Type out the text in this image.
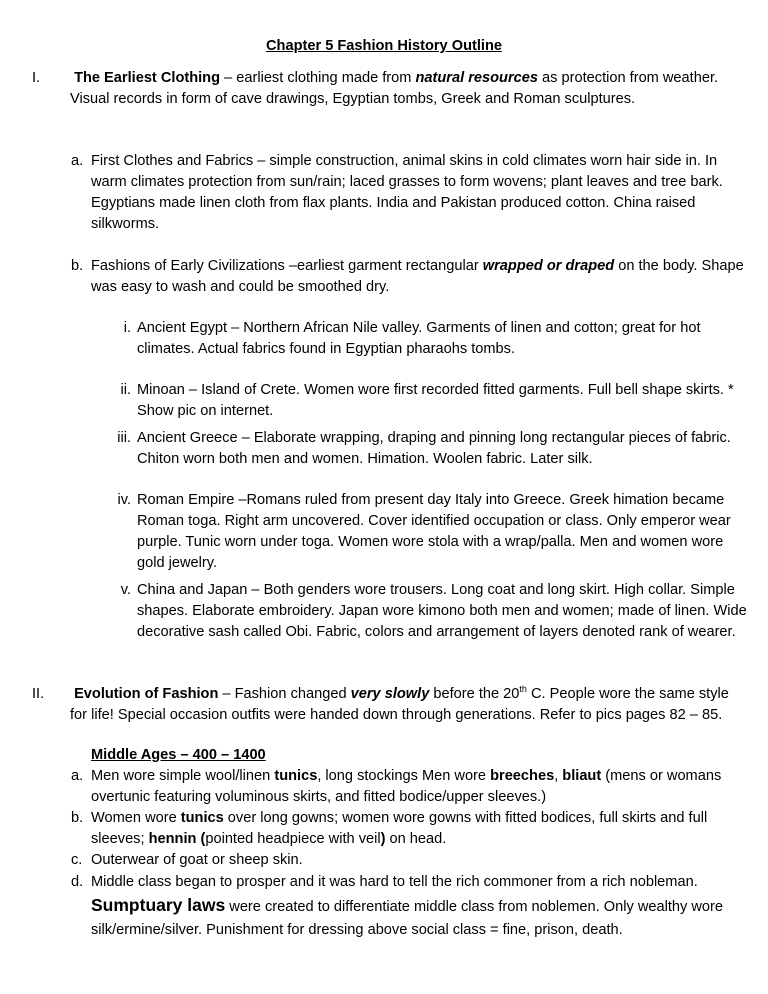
Chapter 5 Fashion History Outline
I. The Earliest Clothing – earliest clothing made from natural resources as protection from weather. Visual records in form of cave drawings, Egyptian tombs, Greek and Roman sculptures.
a. First Clothes and Fabrics – simple construction, animal skins in cold climates worn hair side in. In warm climates protection from sun/rain; laced grasses to form wovens; plant leaves and tree bark. Egyptians made linen cloth from flax plants. India and Pakistan produced cotton. China raised silkworms.
b. Fashions of Early Civilizations –earliest garment rectangular wrapped or draped on the body. Shape was easy to wash and could be smoothed dry.
i. Ancient Egypt – Northern African Nile valley. Garments of linen and cotton; great for hot climates. Actual fabrics found in Egyptian pharaohs tombs.
ii. Minoan – Island of Crete. Women wore first recorded fitted garments. Full bell shape skirts. * Show pic on internet.
iii. Ancient Greece – Elaborate wrapping, draping and pinning long rectangular pieces of fabric. Chiton worn both men and women. Himation. Woolen fabric. Later silk.
iv. Roman Empire –Romans ruled from present day Italy into Greece. Greek himation became Roman toga. Right arm uncovered. Cover identified occupation or class. Only emperor wear purple. Tunic worn under toga. Women wore stola with a wrap/palla. Men and women wore gold jewelry.
v. China and Japan – Both genders wore trousers. Long coat and long skirt. High collar. Simple shapes. Elaborate embroidery. Japan wore kimono both men and women; made of linen. Wide decorative sash called Obi. Fabric, colors and arrangement of layers denoted rank of wearer.
II. Evolution of Fashion – Fashion changed very slowly before the 20th C. People wore the same style for life! Special occasion outfits were handed down through generations. Refer to pics pages 82 – 85.
Middle Ages – 400 – 1400
a. Men wore simple wool/linen tunics, long stockings Men wore breeches, bliaut (mens or womans overtunic featuring voluminous skirts, and fitted bodice/upper sleeves.)
b. Women wore tunics over long gowns; women wore gowns with fitted bodices, full skirts and full sleeves; hennin (pointed headpiece with veil) on head.
c. Outerwear of goat or sheep skin.
d. Middle class began to prosper and it was hard to tell the rich commoner from a rich nobleman. Sumptuary laws were created to differentiate middle class from noblemen. Only wealthy wore silk/ermine/silver. Punishment for dressing above social class = fine, prison, death.
